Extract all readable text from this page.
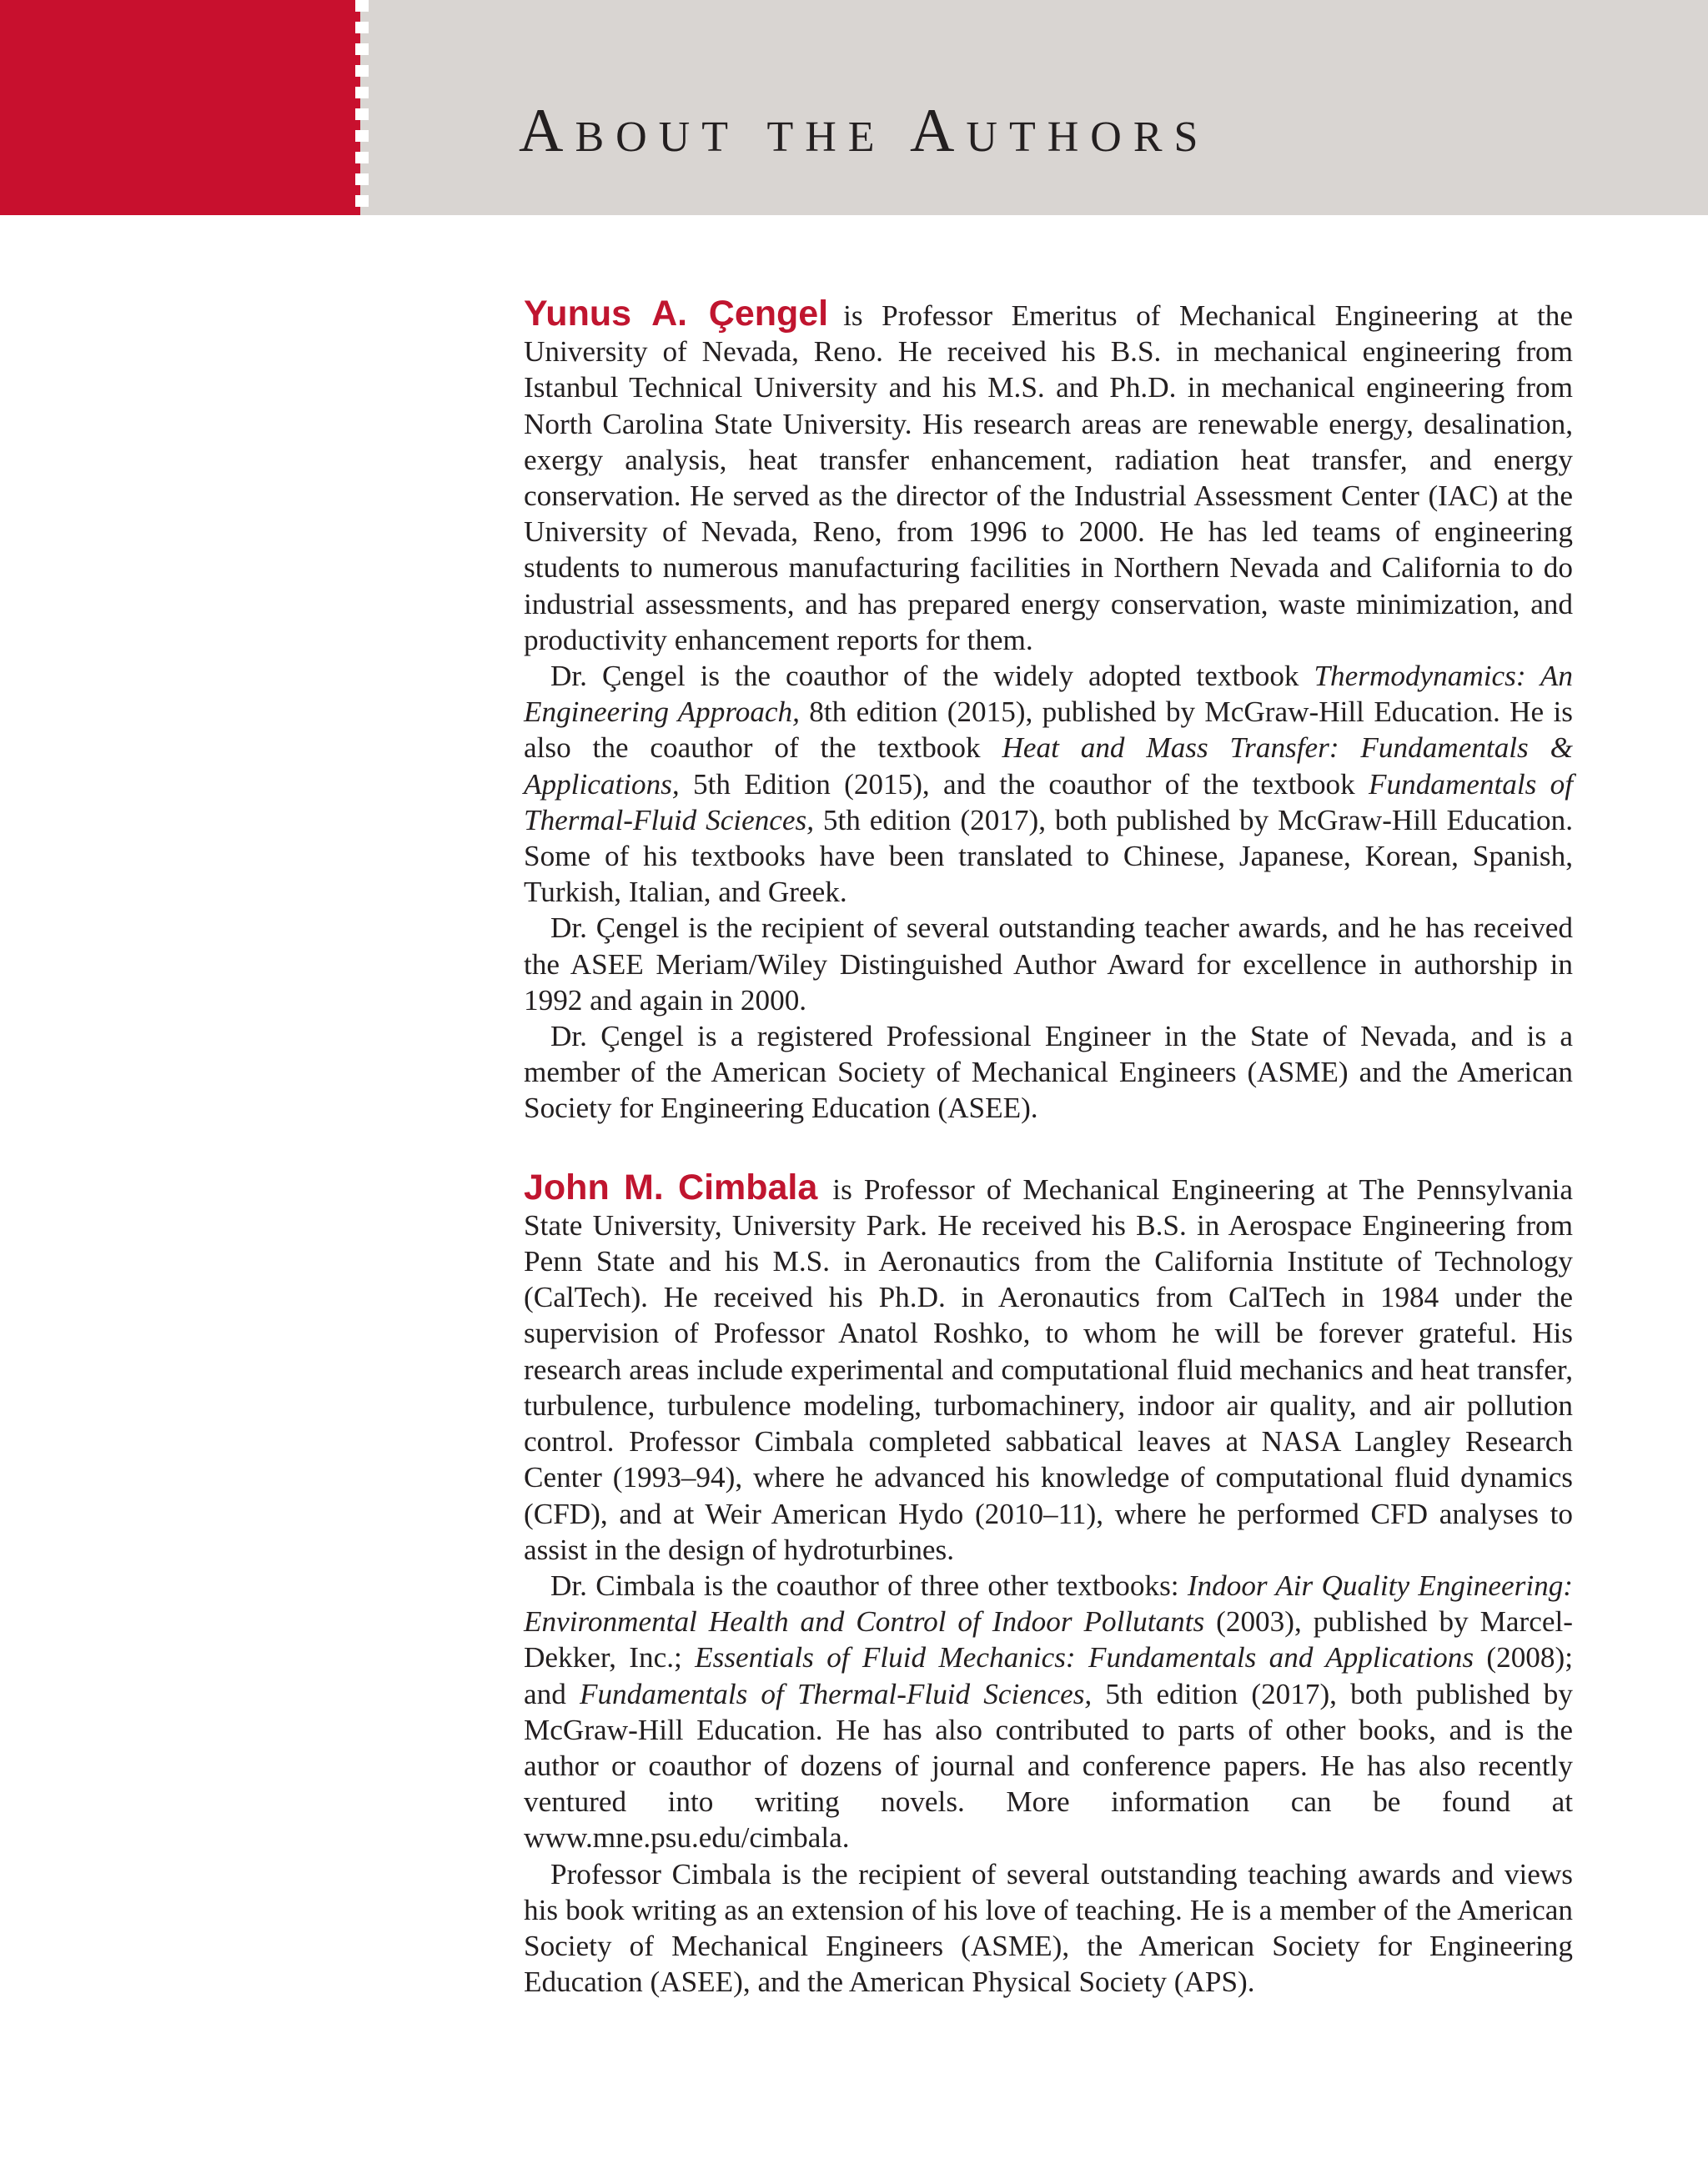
About the Authors

Yunus A. Çengel is Professor Emeritus of Mechanical Engineering at the University of Nevada, Reno. He received his B.S. in mechanical engineering from Istanbul Technical University and his M.S. and Ph.D. in mechanical engineering from North Carolina State University. His research areas are renewable energy, desalination, exergy analysis, heat transfer enhancement, radiation heat transfer, and energy conservation. He served as the director of the Industrial Assessment Center (IAC) at the University of Nevada, Reno, from 1996 to 2000. He has led teams of engineering students to numerous manufacturing facilities in Northern Nevada and California to do industrial assessments, and has prepared energy conservation, waste minimization, and productivity enhancement reports for them.

Dr. Çengel is the coauthor of the widely adopted textbook Thermodynamics: An Engineering Approach, 8th edition (2015), published by McGraw-Hill Education. He is also the coauthor of the textbook Heat and Mass Transfer: Fundamentals & Applications, 5th Edition (2015), and the coauthor of the textbook Fundamentals of Thermal-Fluid Sciences, 5th edition (2017), both published by McGraw-Hill Education. Some of his textbooks have been translated to Chinese, Japanese, Korean, Spanish, Turkish, Italian, and Greek.

Dr. Çengel is the recipient of several outstanding teacher awards, and he has received the ASEE Meriam/Wiley Distinguished Author Award for excellence in authorship in 1992 and again in 2000.

Dr. Çengel is a registered Professional Engineer in the State of Nevada, and is a member of the American Society of Mechanical Engineers (ASME) and the American Society for Engineering Education (ASEE).

John M. Cimbala is Professor of Mechanical Engineering at The Pennsylvania State University, University Park. He received his B.S. in Aerospace Engineering from Penn State and his M.S. in Aeronautics from the California Institute of Technology (CalTech). He received his Ph.D. in Aeronautics from CalTech in 1984 under the supervision of Professor Anatol Roshko, to whom he will be forever grateful. His research areas include experimental and computational fluid mechanics and heat transfer, turbulence, turbulence modeling, turbomachinery, indoor air quality, and air pollution control. Professor Cimbala completed sabbatical leaves at NASA Langley Research Center (1993–94), where he advanced his knowledge of computational fluid dynamics (CFD), and at Weir American Hydo (2010–11), where he performed CFD analyses to assist in the design of hydroturbines.

Dr. Cimbala is the coauthor of three other textbooks: Indoor Air Quality Engineering: Environmental Health and Control of Indoor Pollutants (2003), published by Marcel-Dekker, Inc.; Essentials of Fluid Mechanics: Fundamentals and Applications (2008); and Fundamentals of Thermal-Fluid Sciences, 5th edition (2017), both published by McGraw-Hill Education. He has also contributed to parts of other books, and is the author or coauthor of dozens of journal and conference papers. He has also recently ventured into writing novels. More information can be found at www.mne.psu.edu/cimbala.

Professor Cimbala is the recipient of several outstanding teaching awards and views his book writing as an extension of his love of teaching. He is a member of the American Society of Mechanical Engineers (ASME), the American Society for Engineering Education (ASEE), and the American Physical Society (APS).
